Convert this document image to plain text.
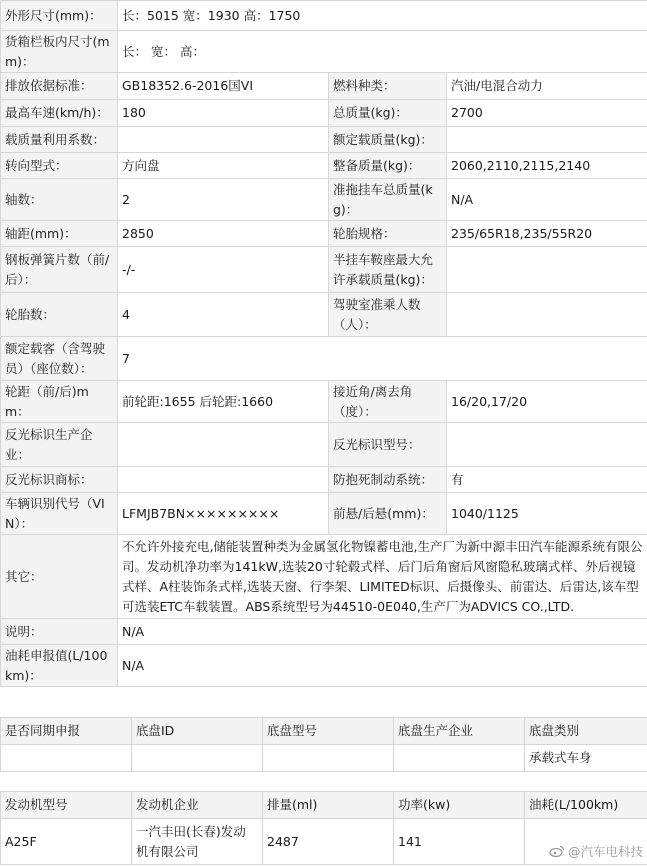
外形尺寸(mm)：	长：5015 宽：1930 高：1750		
货箱栏板内尺寸(mm)：	长： 宽： 高：		
排放依据标准：	GB18352.6-2016国VI	燃料种类：	汽油/电混合动力
最高车速(km/h)：	180	总质量(kg)：	2700
载质量利用系数：		额定载质量(kg)：	
转向型式：	方向盘	整备质量(kg)：	2060,2110,2115,2140
轴数：	2	准拖挂车总质量(kg)：	N/A
轴距(mm)：	2850	轮胎规格：	235/65R18,235/55R20
钢板弹簧片数（前/后）：	-/-	半挂车鞍座最大允许承载质量(kg)：	
轮胎数：	4	驾驶室准乘人数（人）：	
额定载客（含驾驶员）（座位数）：	7		
轮距（前/后)mm：	前轮距:1655 后轮距:1660	接近角/离去角（度）：	16/20,17/20
反光标识生产企业：		反光标识型号：	
反光标识商标：		防抱死制动系统：	有
车辆识别代号（VIN）：	LFMJB7BN×××××××××	前悬/后悬(mm)：	1040/1125
其它：	不允许外接充电,储能装置种类为金属氢化物镍蓄电池,生产厂为新中源丰田汽车能源系统有限公司。发动机净功率为141kW,选装20寸轮毂式样、后门后角窗后风窗隐私玻璃式样、外后视镜式样、A柱装饰条式样,选装天窗、行李架、LIMITED标识、后摄像头、前雷达、后雷达,该车型可选装ETC车载装置。ABS系统型号为44510-0E040,生产厂为ADVICS CO.,LTD.		
说明：	N/A		
油耗申报值(L/100km)：	N/A		
是否同期申报	底盘ID	底盘型号	底盘生产企业	底盘类别
				承载式车身
发动机型号	发动机企业	排量(ml)	功率(kw)	油耗(L/100km)
A25F	一汽丰田(长春)发动机有限公司	2487	141	
@汽车电科技
